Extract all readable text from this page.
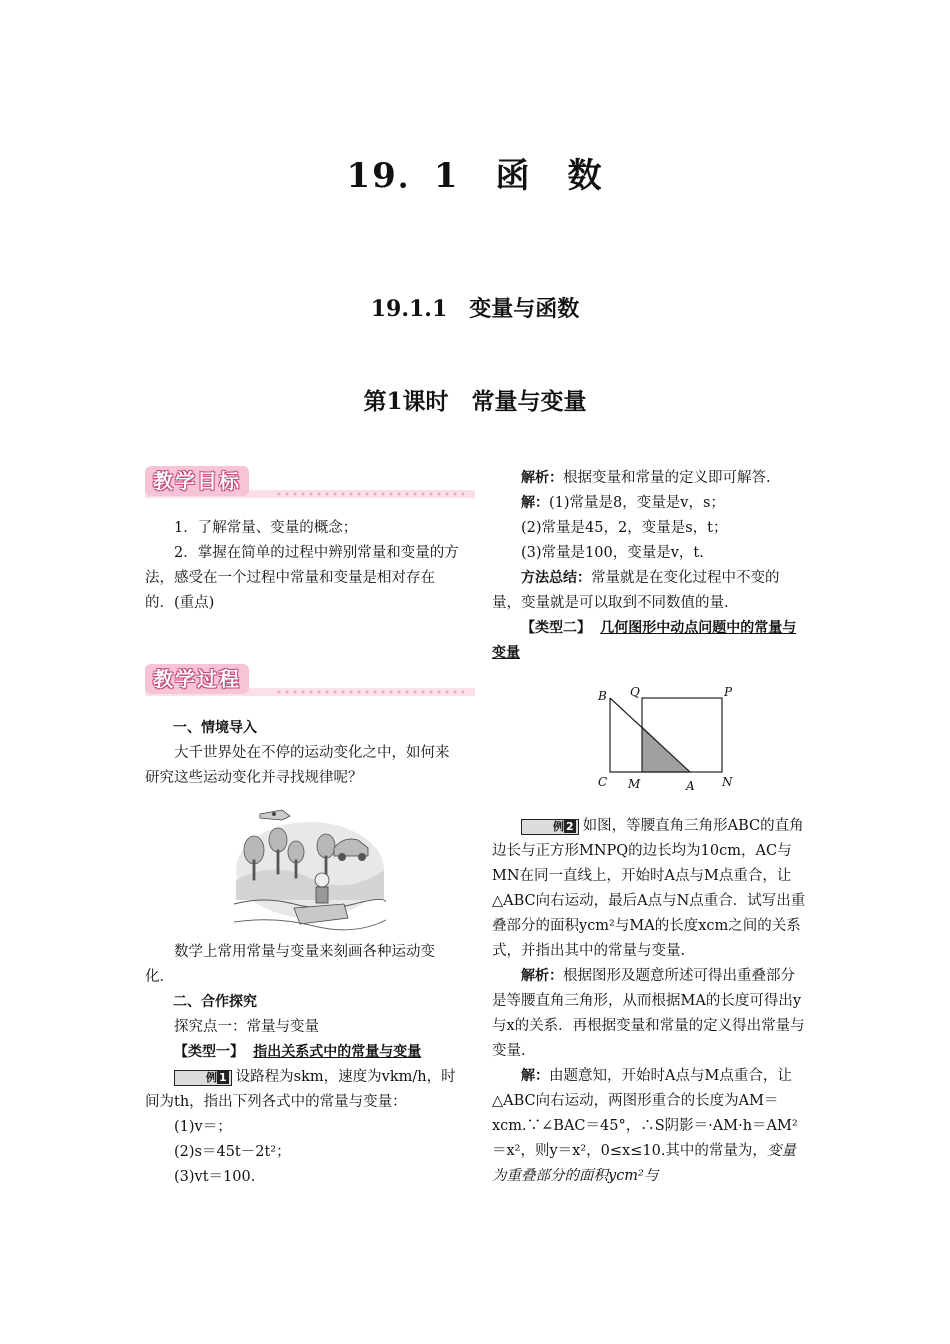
19．1　函　数
19.1.1　变量与函数
第1课时　常量与变量
教学目标

1．了解常量、变量的概念；

2．掌握在简单的过程中辨别常量和变量的方法，感受在一个过程中常量和变量是相对存在的．(重点)

教学过程

一、情境导入

大千世界处在不停的运动变化之中，如何来研究这些运动变化并寻找规律呢？

数学上常用常量与变量来刻画各种运动变化．

二、合作探究

探究点一：常量与变量

【类型一】 指出关系式中的常量与变量

例 1 设路程为skm，速度为vkm/h，时间为th，指出下列各式中的常量与变量：

(1)v＝；

(2)s＝45t－2t²；

(3)vt＝100.

解析：根据变量和常量的定义即可解答.

解：(1)常量是8，变量是v，s；

(2)常量是45，2，变量是s，t；

(3)常量是100，变量是v，t.

方法总结：常量就是在变化过程中不变的量，变量就是可以取到不同数值的量.

【类型二】 几何图形中动点问题中的常量与变量

B Q	P
C M	A N

例 2 如图，等腰直角三角形ABC的直角边长与正方形MNPQ的边长均为10cm，AC与MN在同一直线上，开始时A点与M点重合，让△ABC向右运动，最后A点与N点重合．试写出重叠部分的面积ycm²与MA的长度xcm之间的关系式，并指出其中的常量与变量.

解析：根据图形及题意所述可得出重叠部分是等腰直角三角形，从而根据MA的长度可得出y与x的关系．再根据变量和常量的定义得出常量与变量.

解：由题意知，开始时A点与M点重合，让△ABC向右运动，两图形重合的长度为AM＝xcm.∵∠BAC＝45°，∴S阴影＝·AM·h＝AM²＝x²，则y＝x²，0≤x≤10.其中的常量为，变量为重叠部分的面积ycm²与
